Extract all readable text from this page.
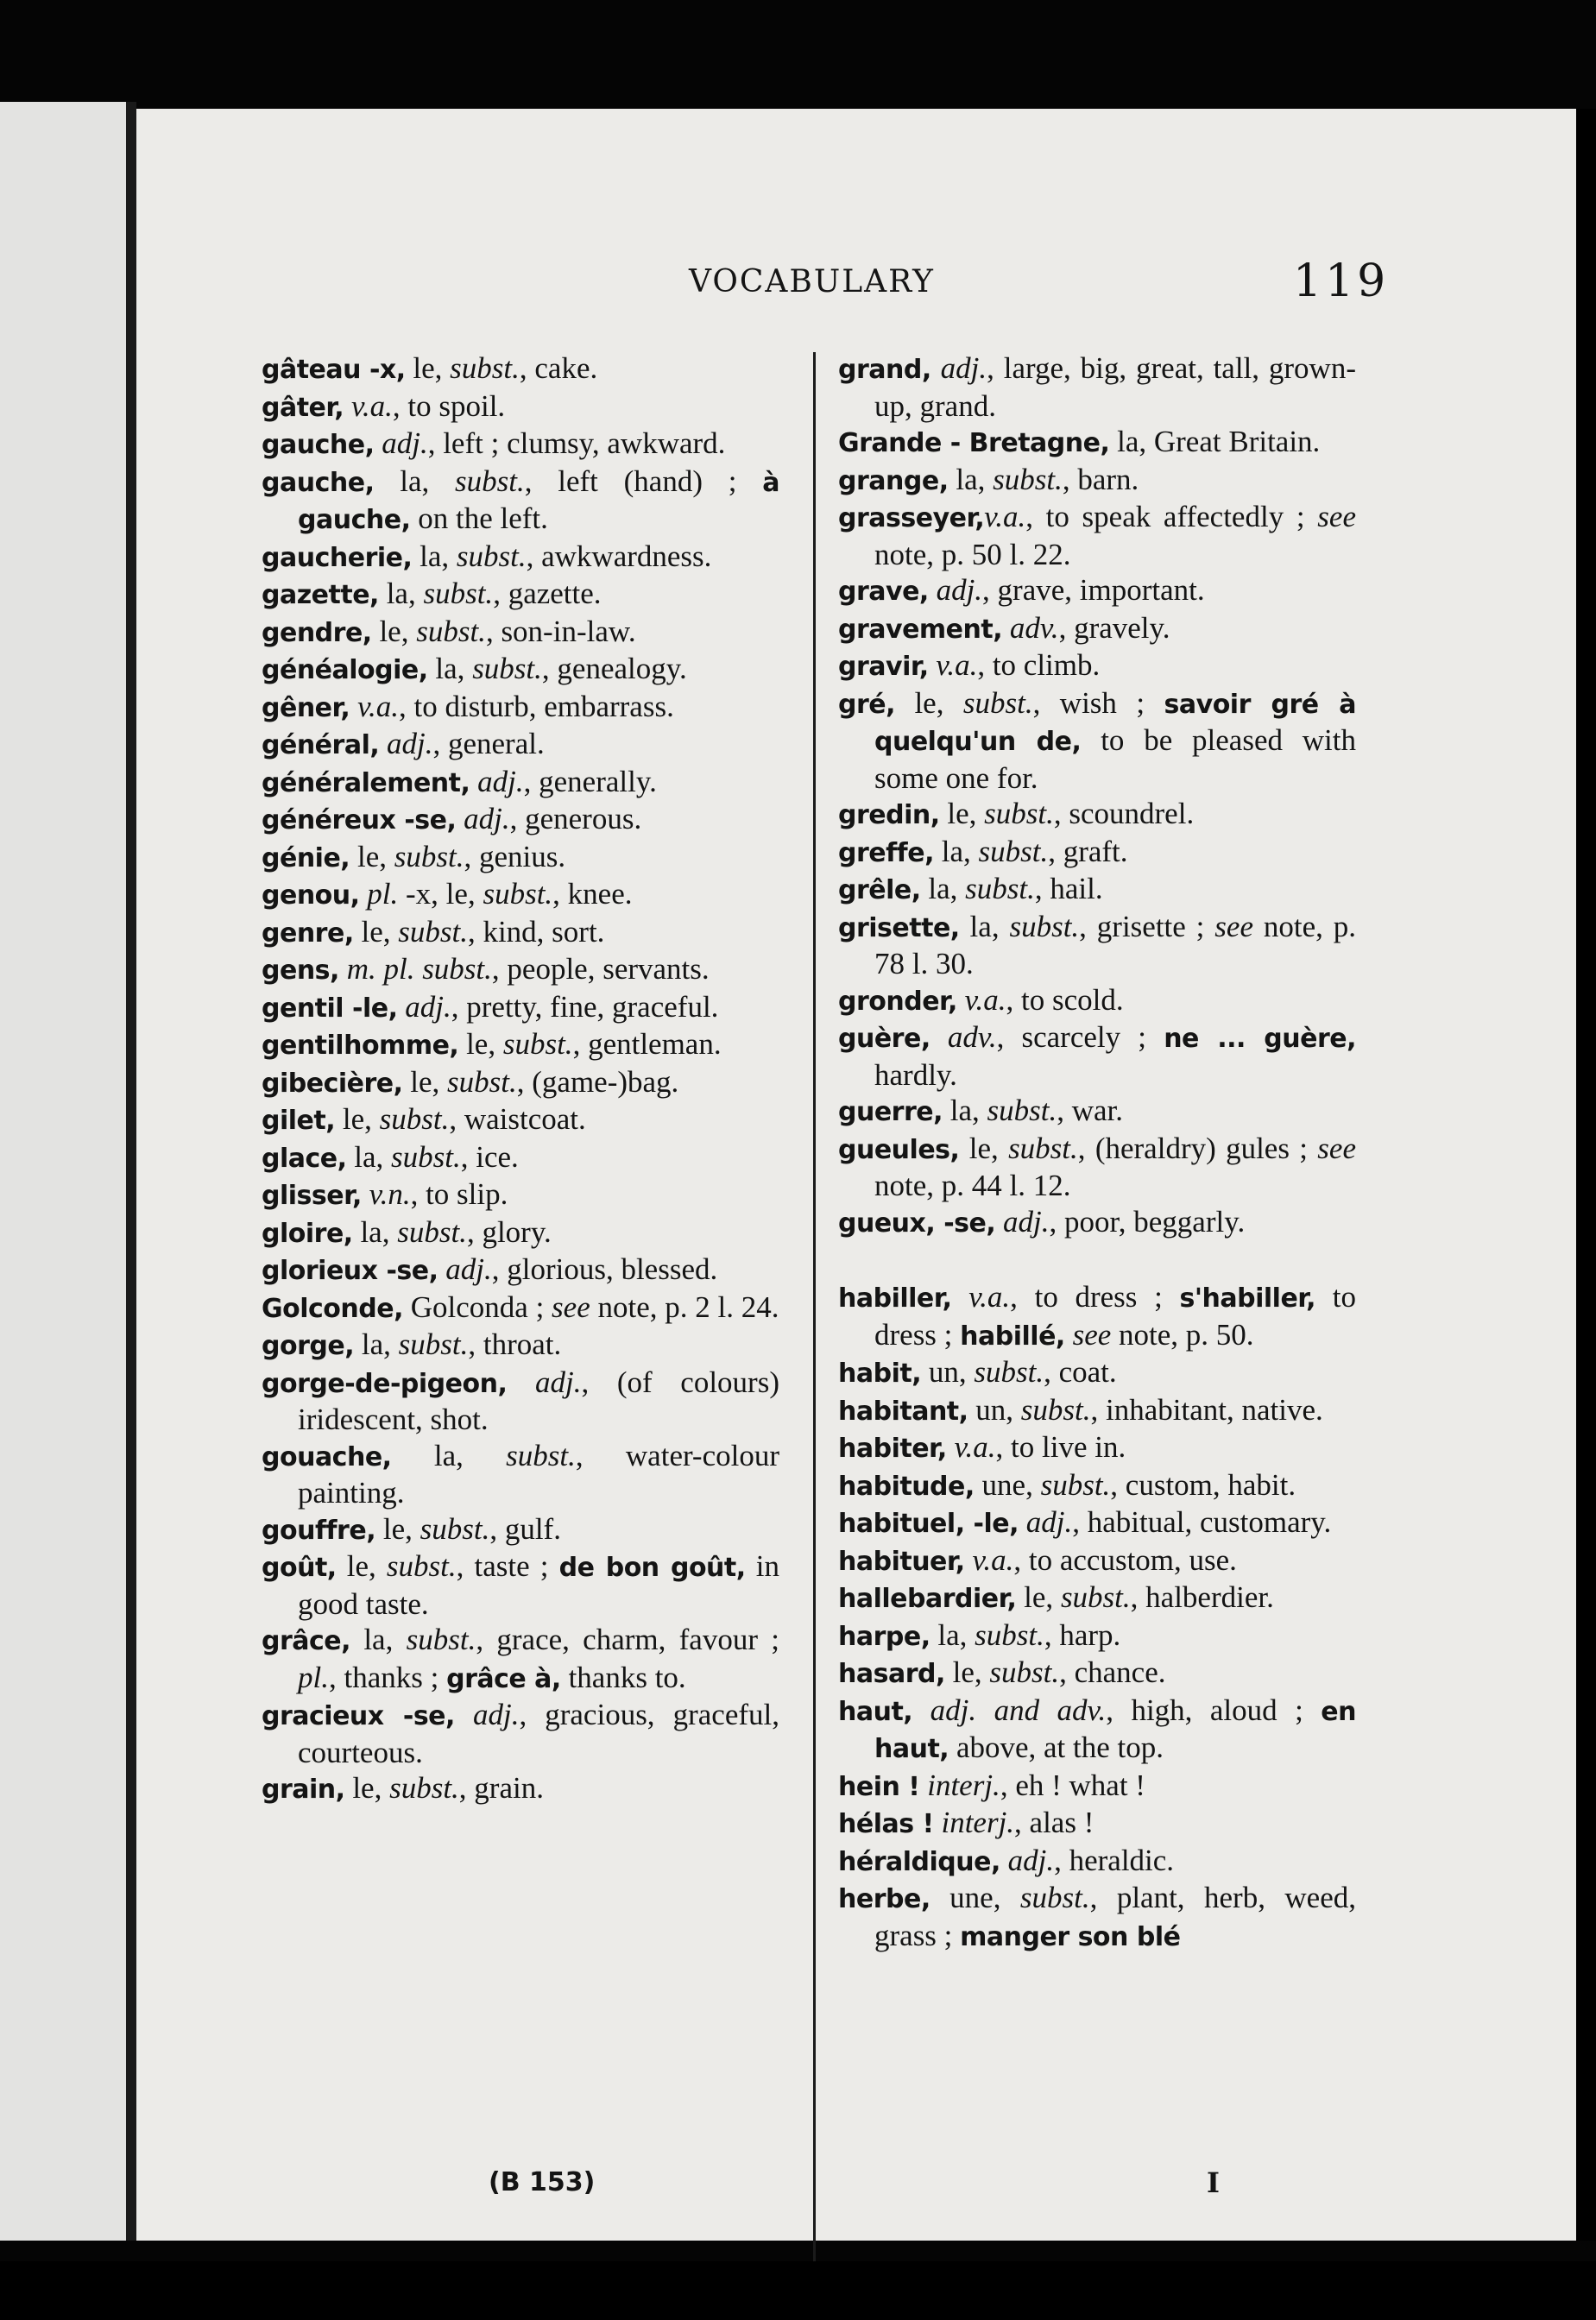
VOCABULARY	119
gâteau -x, le, subst., cake.
gâter, v.a., to spoil.
gauche, adj., left ; clumsy, awkward.
gauche, la, subst., left (hand) ; à gauche, on the left.
gaucherie, la, subst., awkwardness.
gazette, la, subst., gazette.
gendre, le, subst., son-in-law.
généalogie, la, subst., genealogy.
gêner, v.a., to disturb, embarrass.
général, adj., general.
généralement, adj., generally.
généreux -se, adj., generous.
génie, le, subst., genius.
genou, pl. -x, le, subst., knee.
genre, le, subst., kind, sort.
gens, m. pl. subst., people, servants.
gentil -le, adj., pretty, fine, graceful.
gentilhomme, le, subst., gentleman.
gibecière, le, subst., (game-)bag.
gilet, le, subst., waistcoat.
glace, la, subst., ice.
glisser, v.n., to slip.
gloire, la, subst., glory.
glorieux -se, adj., glorious, blessed.
Golconde, Golconda ; see note, p. 2 l. 24.
gorge, la, subst., throat.
gorge-de-pigeon, adj., (of colours) iridescent, shot.
gouache, la, subst., water-colour painting.
gouffre, le, subst., gulf.
goût, le, subst., taste ; de bon goût, in good taste.
grâce, la, subst., grace, charm, favour ; pl., thanks ; grâce à, thanks to.
gracieux -se, adj., gracious, graceful, courteous.
grain, le, subst., grain.
grand, adj., large, big, great, tall, grown-up, grand.
Grande - Bretagne, la, Great Britain.
grange, la, subst., barn.
grasseyer,v.a., to speak affectedly ; see note, p. 50 l. 22.
grave, adj., grave, important.
gravement, adv., gravely.
gravir, v.a., to climb.
gré, le, subst., wish ; savoir gré à quelqu'un de, to be pleased with some one for.
gredin, le, subst., scoundrel.
greffe, la, subst., graft.
grêle, la, subst., hail.
grisette, la, subst., grisette ; see note, p. 78 l. 30.
gronder, v.a., to scold.
guère, adv., scarcely ; ne ... guère, hardly.
guerre, la, subst., war.
gueules, le, subst., (heraldry) gules ; see note, p. 44 l. 12.
gueux, -se, adj., poor, beggarly.
habiller, v.a., to dress ; s'habiller, to dress ; habillé, see note, p. 50.
habit, un, subst., coat.
habitant, un, subst., inhabitant, native.
habiter, v.a., to live in.
habitude, une, subst., custom, habit.
habituel, -le, adj., habitual, customary.
habituer, v.a., to accustom, use.
hallebardier, le, subst., halberdier.
harpe, la, subst., harp.
hasard, le, subst., chance.
haut, adj. and adv., high, aloud ; en haut, above, at the top.
hein ! interj., eh ! what !
hélas ! interj., alas !
héraldique, adj., heraldic.
herbe, une, subst., plant, herb, weed, grass ; manger son blé
(B 153)	I
